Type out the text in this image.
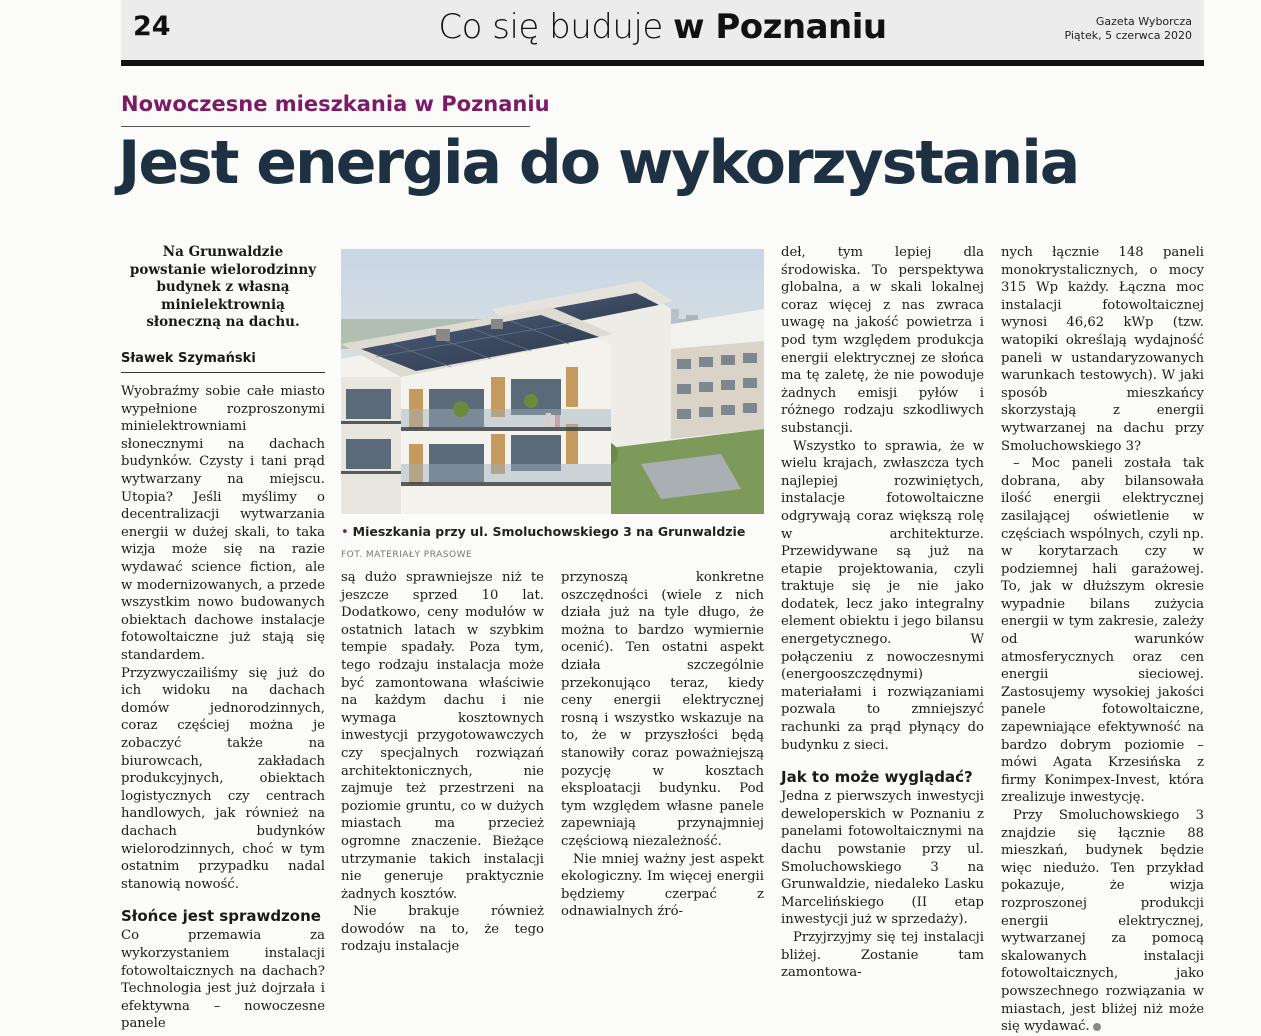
24	Co się buduje w Poznaniu	Gazeta Wyborcza
Piątek, 5 czerwca 2020
Nowoczesne mieszkania w Poznaniu
Jest energia do wykorzystania
Na Grunwaldzie powstanie wielorodzinny budynek z własną minielektrownią słoneczną na dachu.
Sławek Szymański

Wyobraźmy sobie całe miasto wypełnione rozproszonymi minielektrowniami słonecznymi na dachach budynków. Czysty i tani prąd wytwarzany na miejscu. Utopia? Jeśli myślimy o decentralizacji wytwarzania energii w dużej skali, to taka wizja może się na razie wydawać science fiction, ale w modernizowanych, a przede wszystkim nowo budowanych obiektach dachowe instalacje fotowoltaiczne już stają się standardem.

Przyzwyczailiśmy się już do ich widoku na dachach domów jednorodzinnych, coraz częściej można je zobaczyć także na biurowcach, zakładach produkcyjnych, obiektach logistycznych czy centrach handlowych, jak również na dachach budynków wielorodzinnych, choć w tym ostatnim przypadku nadal stanowią nowość.

Słońce jest sprawdzone

Co przemawia za wykorzystaniem instalacji fotowoltaicznych na dachach? Technologia jest już dojrzała i efektywna – nowoczesne panele

• Mieszkania przy ul. Smoluchowskiego 3 na Grunwaldzie FOT. MATERIAŁY PRASOWE

są dużo sprawniejsze niż te jeszcze sprzed 10 lat. Dodatkowo, ceny modułów w ostatnich latach w szybkim tempie spadały. Poza tym, tego rodzaju instalacja może być zamontowana właściwie na każdym dachu i nie wymaga kosztownych inwestycji przygotowawczych czy specjalnych rozwiązań architektonicznych, nie zajmuje też przestrzeni na poziomie gruntu, co w dużych miastach ma przecież ogromne znaczenie. Bieżące utrzymanie takich instalacji nie generuje praktycznie żadnych kosztów.

Nie brakuje również dowodów na to, że tego rodzaju instalacje

przynoszą konkretne oszczędności (wiele z nich działa już na tyle długo, że można to bardzo wymiernie ocenić). Ten ostatni aspekt działa szczególnie przekonująco teraz, kiedy ceny energii elektrycznej rosną i wszystko wskazuje na to, że w przyszłości będą stanowiły coraz poważniejszą pozycję w kosztach eksploatacji budynku. Pod tym względem własne panele zapewniają przynajmniej częściową niezależność.

Nie mniej ważny jest aspekt ekologiczny. Im więcej energii będziemy czerpać z odnawialnych źró-

deł, tym lepiej dla środowiska. To perspektywa globalna, a w skali lokalnej coraz więcej z nas zwraca uwagę na jakość powietrza i pod tym względem produkcja energii elektrycznej ze słońca ma tę zaletę, że nie powoduje żadnych emisji pyłów i różnego rodzaju szkodliwych substancji.

Wszystko to sprawia, że w wielu krajach, zwłaszcza tych najlepiej rozwiniętych, instalacje fotowoltaiczne odgrywają coraz większą rolę w architekturze. Przewidywane są już na etapie projektowania, czyli traktuje się je nie jako dodatek, lecz jako integralny element obiektu i jego bilansu energetycznego. W połączeniu z nowoczesnymi (energooszczędnymi) materiałami i rozwiązaniami pozwala to zmniejszyć rachunki za prąd płynący do budynku z sieci.

Jak to może wyglądać?

Jedna z pierwszych inwestycji deweloperskich w Poznaniu z panelami fotowoltaicznymi na dachu powstanie przy ul. Smoluchowskiego 3 na Grunwaldzie, niedaleko Lasku Marcelińskiego (II etap inwestycji już w sprzedaży).

Przyjrzyjmy się tej instalacji bliżej. Zostanie tam zamontowa-

nych łącznie 148 paneli monokrystalicznych, o mocy 315 Wp każdy. Łączna moc instalacji fotowoltaicznej wynosi 46,62 kWp (tzw. watopiki określają wydajność paneli w ustandaryzowanych warunkach testowych). W jaki sposób mieszkańcy skorzystają z energii wytwarzanej na dachu przy Smoluchowskiego 3?

– Moc paneli została tak dobrana, aby bilansowała ilość energii elektrycznej zasilającej oświetlenie w częściach wspólnych, czyli np. w korytarzach czy w podziemnej hali garażowej. To, jak w dłuższym okresie wypadnie bilans zużycia energii w tym zakresie, zależy od warunków atmosferycznych oraz cen energii sieciowej. Zastosujemy wysokiej jakości panele fotowoltaiczne, zapewniające efektywność na bardzo dobrym poziomie – mówi Agata Krzesińska z firmy Konimpex-Invest, która zrealizuje inwestycję.

Przy Smoluchowskiego 3 znajdzie się łącznie 88 mieszkań, budynek będzie więc niedużo. Ten przykład pokazuje, że wizja rozproszonej produkcji energii elektrycznej, wytwarzanej za pomocą skalowanych instalacji fotowoltaicznych, jako powszechnego rozwiązania w miastach, jest bliżej niż może się wydawać.
